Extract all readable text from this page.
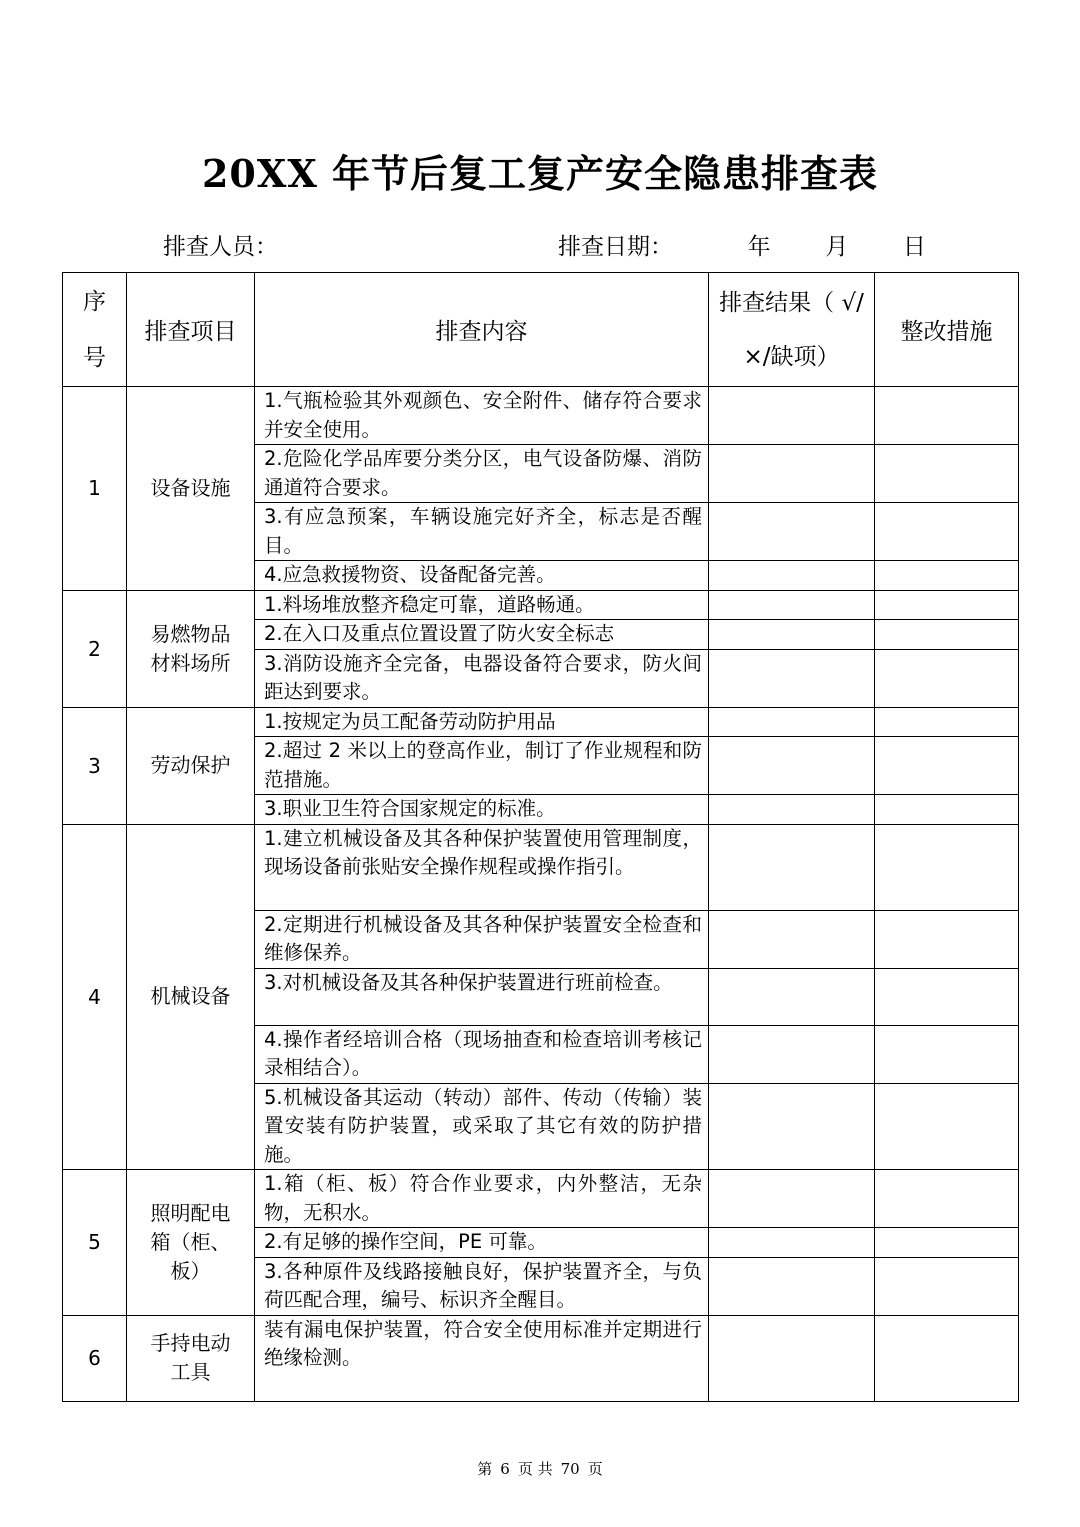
20XX 年节后复工复产安全隐患排查表
排查人员：	排查日期：	年 月 日
序号	排查项目	排查内容	排查结果（ √/×/缺项）	整改措施
1	设备设施	1.气瓶检验其外观颜色、安全附件、储存符合要求并安全使用。		
		2.危险化学品库要分类分区，电气设备防爆、消防通道符合要求。		
		3.有应急预案，车辆设施完好齐全，标志是否醒目。		
		4.应急救援物资、设备配备完善。		
2	易燃物品材料场所	1.料场堆放整齐稳定可靠，道路畅通。		
		2.在入口及重点位置设置了防火安全标志		
		3.消防设施齐全完备，电器设备符合要求，防火间距达到要求。		
3	劳动保护	1.按规定为员工配备劳动防护用品		
		2.超过 2 米以上的登高作业，制订了作业规程和防范措施。		
		3.职业卫生符合国家规定的标准。		
4	机械设备	1.建立机械设备及其各种保护装置使用管理制度，现场设备前张贴安全操作规程或操作指引。		
		2.定期进行机械设备及其各种保护装置安全检查和维修保养。		
		3.对机械设备及其各种保护装置进行班前检查。		
		4.操作者经培训合格（现场抽查和检查培训考核记录相结合）。		
		5.机械设备其运动（转动）部件、传动（传输）装置安装有防护装置，或采取了其它有效的防护措施。		
5	照明配电箱（柜、板）	1.箱（柜、板）符合作业要求，内外整洁，无杂物，无积水。		
		2.有足够的操作空间，PE 可靠。		
		3.各种原件及线路接触良好，保护装置齐全，与负荷匹配合理，编号、标识齐全醒目。		
6	手持电动工具	装有漏电保护装置，符合安全使用标准并定期进行绝缘检测。		
第 6 页 共 70 页
